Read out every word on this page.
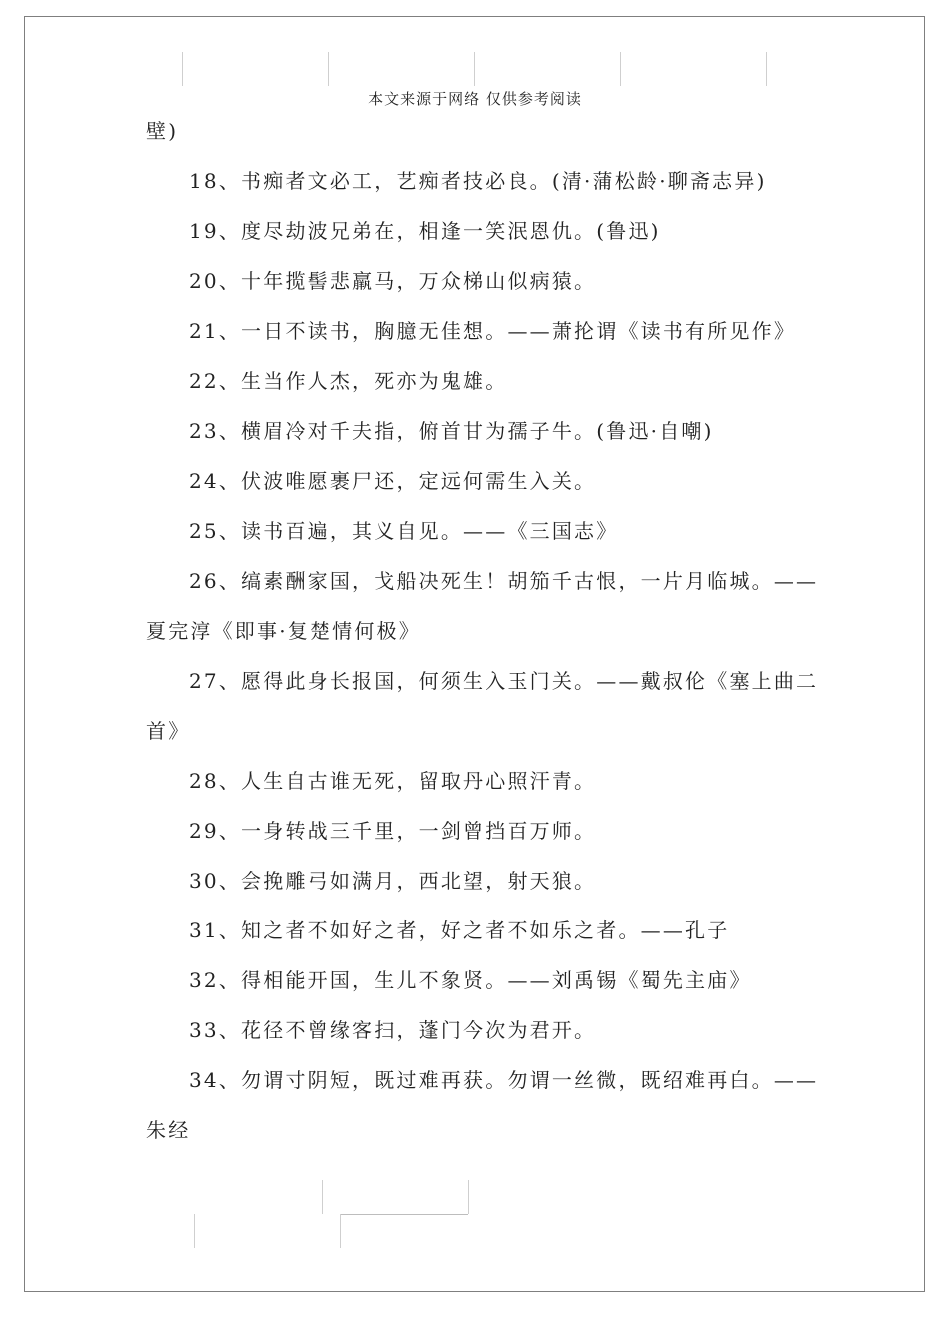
本文来源于网络 仅供参考阅读
壁)
18、书痴者文必工，艺痴者技必良。(清·蒲松龄·聊斋志异)
19、度尽劫波兄弟在，相逢一笑泯恩仇。(鲁迅)
20、十年揽髻悲羸马，万众梯山似病猿。
21、一日不读书，胸臆无佳想。——萧抡谓《读书有所见作》
22、生当作人杰，死亦为鬼雄。
23、横眉冷对千夫指，俯首甘为孺子牛。(鲁迅·自嘲)
24、伏波唯愿裹尸还，定远何需生入关。
25、读书百遍，其义自见。——《三国志》
26、缟素酬家国，戈船决死生！胡笳千古恨，一片月临城。——
夏完淳《即事·复楚情何极》
27、愿得此身长报国，何须生入玉门关。——戴叔伦《塞上曲二
首》
28、人生自古谁无死，留取丹心照汗青。
29、一身转战三千里，一剑曾挡百万师。
30、会挽雕弓如满月，西北望，射天狼。
31、知之者不如好之者，好之者不如乐之者。——孔子
32、得相能开国，生儿不象贤。——刘禹锡《蜀先主庙》
33、花径不曾缘客扫，蓬门今次为君开。
34、勿谓寸阴短，既过难再获。勿谓一丝微，既绍难再白。——
朱经
